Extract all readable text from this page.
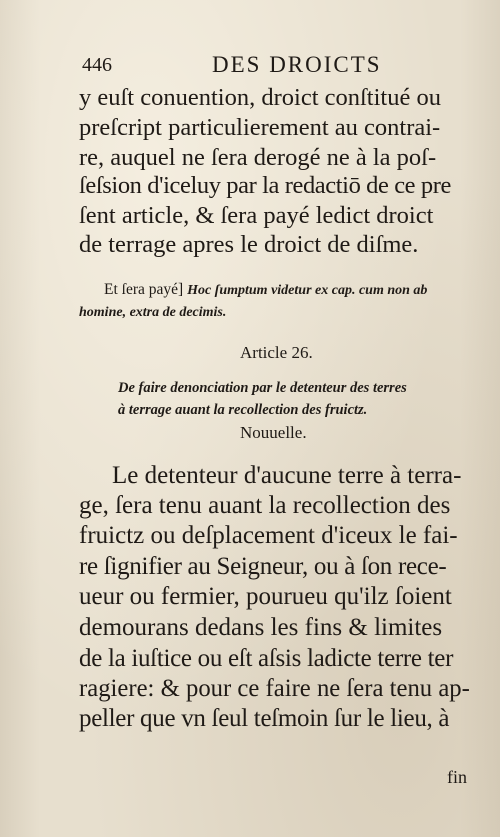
446	DES DROICTS
y euſt conuention, droict conſtitué ou
preſcript particulierement au contrai-
re, auquel ne ſera derogé ne à la poſ-
ſeſsion d'iceluy par la redactiō de ce pre
ſent article, & ſera payé ledict droict
de terrage apres le droict de diſme.
Et ſera payé] Hoc ſumptum videtur ex cap. cum non ab
homine, extra de decimis.
Article 26.
De faire denonciation par le detenteur des terres
à terrage auant la recollection des fruictz.
Nouuelle.
Le detenteur d'aucune terre à terra-
ge, ſera tenu auant la recollection des
fruictz ou deſplacement d'iceux le fai-
re ſignifier au Seigneur, ou à ſon rece-
ueur ou fermier, pourueu qu'ilz ſoient
demourans dedans les fins & limites
de la iuſtice ou eſt aſsis ladicte terre ter
ragiere: & pour ce faire ne ſera tenu ap-
peller que vn ſeul teſmoin ſur le lieu, à
fin
